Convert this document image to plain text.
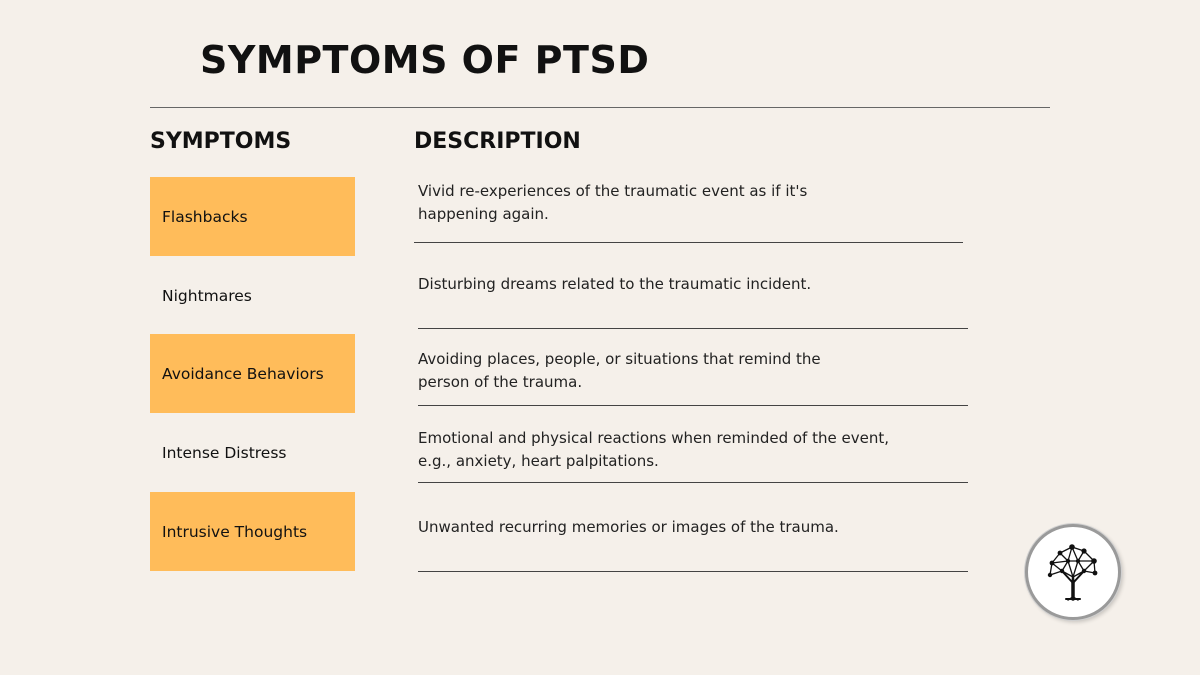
SYMPTOMS OF PTSD
SYMPTOMS	DESCRIPTION
Flashbacks
Vivid re-experiences of the traumatic event as if it's happening again.
Nightmares
Disturbing dreams related to the traumatic incident.
Avoidance Behaviors
Avoiding places, people, or situations that remind the person of the trauma.
Intense Distress
Emotional and physical reactions when reminded of the event, e.g., anxiety, heart palpitations.
Intrusive Thoughts	Unwanted recurring memories or images of the trauma.
